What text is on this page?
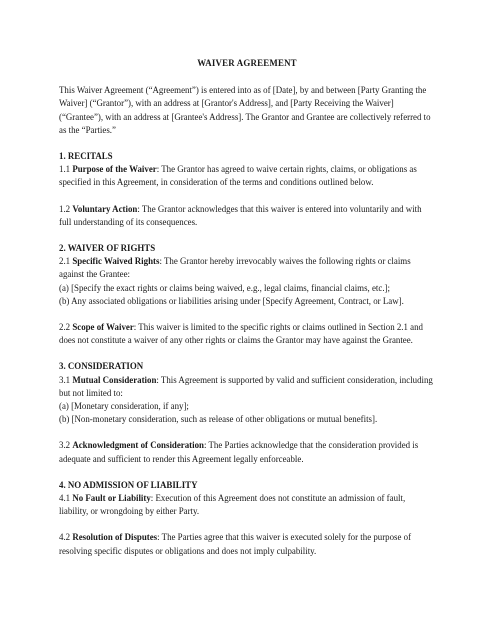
WAIVER AGREEMENT
This Waiver Agreement (“Agreement”) is entered into as of [Date], by and between [Party Granting the Waiver] (“Grantor”), with an address at [Grantor's Address], and [Party Receiving the Waiver] (“Grantee”), with an address at [Grantee's Address]. The Grantor and Grantee are collectively referred to as the “Parties.”
1. RECITALS
1.1 Purpose of the Waiver: The Grantor has agreed to waive certain rights, claims, or obligations as specified in this Agreement, in consideration of the terms and conditions outlined below.
1.2 Voluntary Action: The Grantor acknowledges that this waiver is entered into voluntarily and with full understanding of its consequences.
2. WAIVER OF RIGHTS
2.1 Specific Waived Rights: The Grantor hereby irrevocably waives the following rights or claims against the Grantee:
(a) [Specify the exact rights or claims being waived, e.g., legal claims, financial claims, etc.];
(b) Any associated obligations or liabilities arising under [Specify Agreement, Contract, or Law].
2.2 Scope of Waiver: This waiver is limited to the specific rights or claims outlined in Section 2.1 and does not constitute a waiver of any other rights or claims the Grantor may have against the Grantee.
3. CONSIDERATION
3.1 Mutual Consideration: This Agreement is supported by valid and sufficient consideration, including but not limited to:
(a) [Monetary consideration, if any];
(b) [Non-monetary consideration, such as release of other obligations or mutual benefits].
3.2 Acknowledgment of Consideration: The Parties acknowledge that the consideration provided is adequate and sufficient to render this Agreement legally enforceable.
4. NO ADMISSION OF LIABILITY
4.1 No Fault or Liability: Execution of this Agreement does not constitute an admission of fault, liability, or wrongdoing by either Party.
4.2 Resolution of Disputes: The Parties agree that this waiver is executed solely for the purpose of resolving specific disputes or obligations and does not imply culpability.
